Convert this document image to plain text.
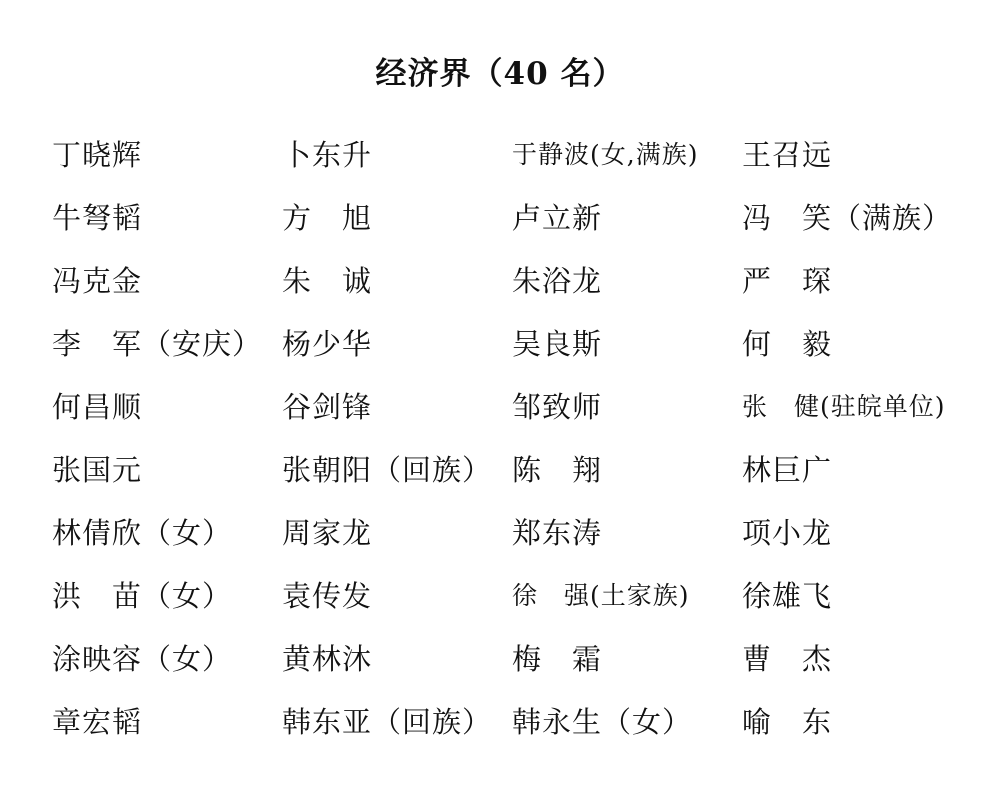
经济界（40 名）
丁晓辉	卜东升	于静波(女,满族)	王召远
牛弩韬	方　旭	卢立新	冯　笑（满族）
冯克金	朱　诚	朱浴龙	严　琛
李　军（安庆） 杨少华	吴良斯	何　毅
何昌顺	谷剑锋	邹致师	张　健(驻皖单位)
张国元	张朝阳（回族） 陈　翔	林巨广
林倩欣（女）	周家龙	郑东涛	项小龙
洪　苗（女）	袁传发	徐　强(土家族)	徐雄飞
涂映容（女）	黄林沐	梅　霜	曹　杰
章宏韬	韩东亚（回族） 韩永生（女）	喻　东
